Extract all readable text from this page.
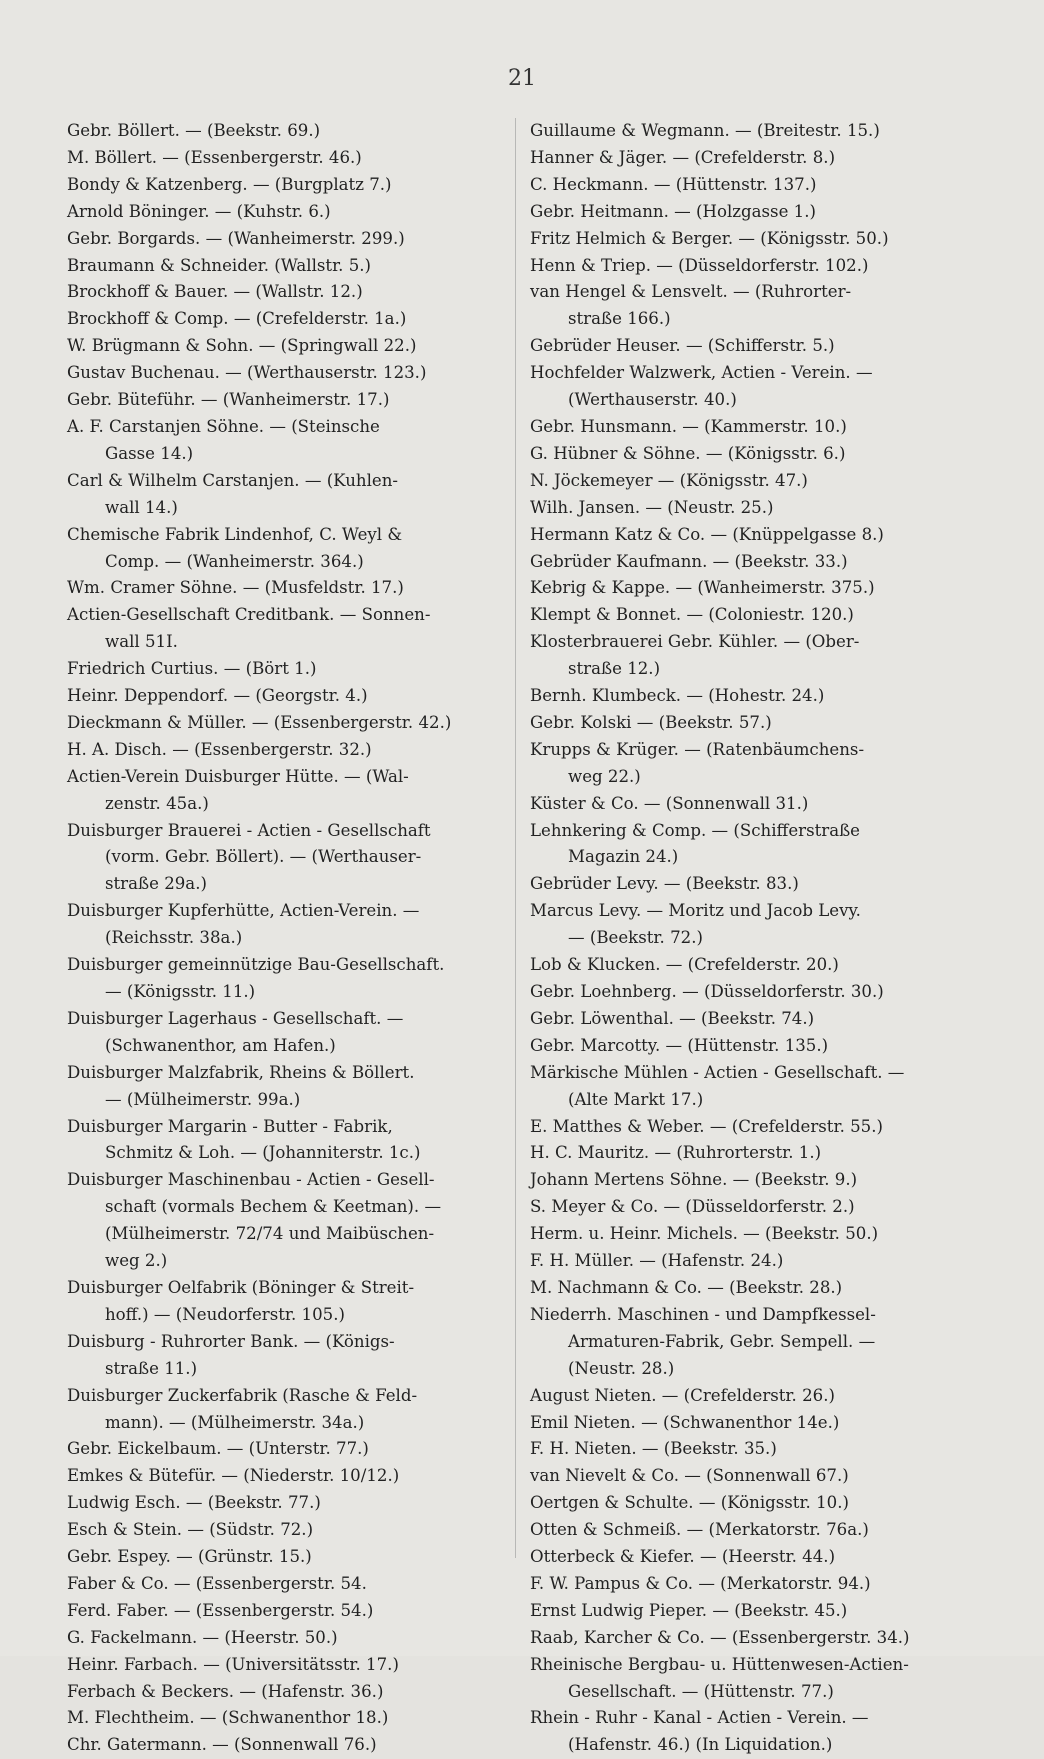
21
Gebr. Böllert. — (Beekstr. 69.)
M. Böllert. — (Essenbergerstr. 46.)
Bondy & Katzenberg. — (Burgplatz 7.)
Arnold Böninger. — (Kuhstr. 6.)
Gebr. Borgards. — (Wanheimerstr. 299.)
Braumann & Schneider. (Wallstr. 5.)
Brockhoff & Bauer. — (Wallstr. 12.)
Brockhoff & Comp. — (Crefelderstr. 1a.)
W. Brügmann & Sohn. — (Springwall 22.)
Gustav Buchenau. — (Werthauserstr. 123.)
Gebr. Büteführ. — (Wanheimerstr. 17.)
A. F. Carstanjen Söhne. — (Steinsche
Gasse 14.)
Carl & Wilhelm Carstanjen. — (Kuhlen-
wall 14.)
Chemische Fabrik Lindenhof, C. Weyl &
Comp. — (Wanheimerstr. 364.)
Wm. Cramer Söhne. — (Musfeldstr. 17.)
Actien-Gesellschaft Creditbank. — Sonnen-
wall 51I.
Friedrich Curtius. — (Bört 1.)
Heinr. Deppendorf. — (Georgstr. 4.)
Dieckmann & Müller. — (Essenbergerstr. 42.)
H. A. Disch. — (Essenbergerstr. 32.)
Actien-Verein Duisburger Hütte. — (Wal-
zenstr. 45a.)
Duisburger Brauerei - Actien - Gesellschaft
(vorm. Gebr. Böllert). — (Werthauser-
straße 29a.)
Duisburger Kupferhütte, Actien-Verein. —
(Reichsstr. 38a.)
Duisburger gemeinnützige Bau-Gesellschaft.
— (Königsstr. 11.)
Duisburger Lagerhaus - Gesellschaft. —
(Schwanenthor, am Hafen.)
Duisburger Malzfabrik, Rheins & Böllert.
— (Mülheimerstr. 99a.)
Duisburger Margarin - Butter - Fabrik,
Schmitz & Loh. — (Johanniterstr. 1c.)
Duisburger Maschinenbau - Actien - Gesell-
schaft (vormals Bechem & Keetman). —
(Mülheimerstr. 72/74 und Maibüschen-
weg 2.)
Duisburger Oelfabrik (Böninger & Streit-
hoff.) — (Neudorferstr. 105.)
Duisburg - Ruhrorter Bank. — (Königs-
straße 11.)
Duisburger Zuckerfabrik (Rasche & Feld-
mann). — (Mülheimerstr. 34a.)
Gebr. Eickelbaum. — (Unterstr. 77.)
Emkes & Bütefür. — (Niederstr. 10/12.)
Ludwig Esch. — (Beekstr. 77.)
Esch & Stein. — (Südstr. 72.)
Gebr. Espey. — (Grünstr. 15.)
Faber & Co. — (Essenbergerstr. 54.
Ferd. Faber. — (Essenbergerstr. 54.)
G. Fackelmann. — (Heerstr. 50.)
Heinr. Farbach. — (Universitätsstr. 17.)
Ferbach & Beckers. — (Hafenstr. 36.)
M. Flechtheim. — (Schwanenthor 18.)
Chr. Gatermann. — (Sonnenwall 76.)
Guillaume & Wegmann. — (Breitestr. 15.)
Hanner & Jäger. — (Crefelderstr. 8.)
C. Heckmann. — (Hüttenstr. 137.)
Gebr. Heitmann. — (Holzgasse 1.)
Fritz Helmich & Berger. — (Königsstr. 50.)
Henn & Triep. — (Düsseldorferstr. 102.)
van Hengel & Lensvelt. — (Ruhrorter-
straße 166.)
Gebrüder Heuser. — (Schifferstr. 5.)
Hochfelder Walzwerk, Actien - Verein. —
(Werthauserstr. 40.)
Gebr. Hunsmann. — (Kammerstr. 10.)
G. Hübner & Söhne. — (Königsstr. 6.)
N. Jöckemeyer — (Königsstr. 47.)
Wilh. Jansen. — (Neustr. 25.)
Hermann Katz & Co. — (Knüppelgasse 8.)
Gebrüder Kaufmann. — (Beekstr. 33.)
Kebrig & Kappe. — (Wanheimerstr. 375.)
Klempt & Bonnet. — (Coloniestr. 120.)
Klosterbrauerei Gebr. Kühler. — (Ober-
straße 12.)
Bernh. Klumbeck. — (Hohestr. 24.)
Gebr. Kolski — (Beekstr. 57.)
Krupps & Krüger. — (Ratenbäumchens-
weg 22.)
Küster & Co. — (Sonnenwall 31.)
Lehnkering & Comp. — (Schifferstraße
Magazin 24.)
Gebrüder Levy. — (Beekstr. 83.)
Marcus Levy. — Moritz und Jacob Levy.
— (Beekstr. 72.)
Lob & Klucken. — (Crefelderstr. 20.)
Gebr. Loehnberg. — (Düsseldorferstr. 30.)
Gebr. Löwenthal. — (Beekstr. 74.)
Gebr. Marcotty. — (Hüttenstr. 135.)
Märkische Mühlen - Actien - Gesellschaft. —
(Alte Markt 17.)
E. Matthes & Weber. — (Crefelderstr. 55.)
H. C. Mauritz. — (Ruhrorterstr. 1.)
Johann Mertens Söhne. — (Beekstr. 9.)
S. Meyer & Co. — (Düsseldorferstr. 2.)
Herm. u. Heinr. Michels. — (Beekstr. 50.)
F. H. Müller. — (Hafenstr. 24.)
M. Nachmann & Co. — (Beekstr. 28.)
Niederrh. Maschinen - und Dampfkessel-
Armaturen-Fabrik, Gebr. Sempell. —
(Neustr. 28.)
August Nieten. — (Crefelderstr. 26.)
Emil Nieten. — (Schwanenthor 14e.)
F. H. Nieten. — (Beekstr. 35.)
van Nievelt & Co. — (Sonnenwall 67.)
Oertgen & Schulte. — (Königsstr. 10.)
Otten & Schmeiß. — (Merkatorstr. 76a.)
Otterbeck & Kiefer. — (Heerstr. 44.)
F. W. Pampus & Co. — (Merkatorstr. 94.)
Ernst Ludwig Pieper. — (Beekstr. 45.)
Raab, Karcher & Co. — (Essenbergerstr. 34.)
Rheinische Bergbau- u. Hüttenwesen-Actien-
Gesellschaft. — (Hüttenstr. 77.)
Rhein - Ruhr - Kanal - Actien - Verein. —
(Hafenstr. 46.) (In Liquidation.)
